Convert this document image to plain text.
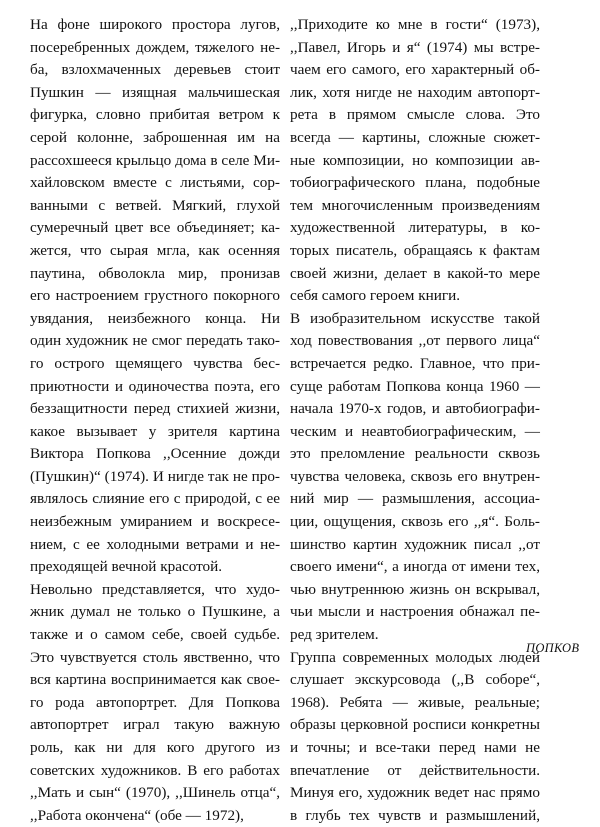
На фоне широкого простора лугов,
посеребренных дождем, тяжелого не-
ба, взлохмаченных деревьев стоит
Пушкин — изящная мальчишеская
фигурка, словно прибитая ветром к
серой колонне, заброшенная им на
рассохшееся крыльцо дома в селе Ми-
хайловском вместе с листьями, сор-
ванными с ветвей. Мягкий, глухой
сумеречный цвет все объединяет; ка-
жется, что сырая мгла, как осенняя
паутина, обволокла мир, пронизав
его настроением грустного покорного
увядания, неизбежного конца. Ни
один художник не смог передать тако-
го острого щемящего чувства бес-
приютности и одиночества поэта, его
беззащитности перед стихией жизни,
какое вызывает у зрителя картина
Виктора Попкова ,,Осенние дожди
(Пушкин)“ (1974). И нигде так не про-
являлось слияние его с природой, с ее
неизбежным умиранием и воскресе-
нием, с ее холодными ветрами и не-
преходящей вечной красотой.
Невольно представляется, что худо-
жник думал не только о Пушкине, а
также и о самом себе, своей судьбе.
Это чувствуется столь явственно, что
вся картина воспринимается как свое-
го рода автопортрет. Для Попкова
автопортрет играл такую важную
роль, как ни для кого другого из
советских художников. В его работах
,,Мать и сын“ (1970), ,,Шинель отца“,
,,Работа окончена“ (обе — 1972),
,,Приходите ко мне в гости“ (1973),
,,Павел, Игорь и я“ (1974) мы встре-
чаем его самого, его характерный об-
лик, хотя нигде не находим автопорт-
рета в прямом смысле слова. Это
всегда — картины, сложные сюжет-
ные композиции, но композиции ав-
тобиографического плана, подобные
тем многочисленным произведениям
художественной литературы, в ко-
торых писатель, обращаясь к фактам
своей жизни, делает в какой-то мере
себя самого героем книги.
В изобразительном искусстве такой
ход повествования ,,от первого лица“
встречается редко. Главное, что при-
суще работам Попкова конца 1960 —
начала 1970-х годов, и автобиографи-
ческим и неавтобиографическим, —
это преломление реальности сквозь
чувства человека, сквозь его внутрен-
ний мир — размышления, ассоциа-
ции, ощущения, сквозь его ,,я“. Боль-
шинство картин художник писал ,,от
своего имени“, а иногда от имени тех,
чью внутреннюю жизнь он вскрывал,
чьи мысли и настроения обнажал пе-
ред зрителем.
Группа современных молодых людей
слушает экскурсовода (,,В соборе“,
1968). Ребята — живые, реальные;
образы церковной росписи конкретны
и точны; и все-таки перед нами не
впечатление от действительности.
Минуя его, художник ведет нас прямо
в глубь тех чувств и размышлений,
ПОПКОВ
